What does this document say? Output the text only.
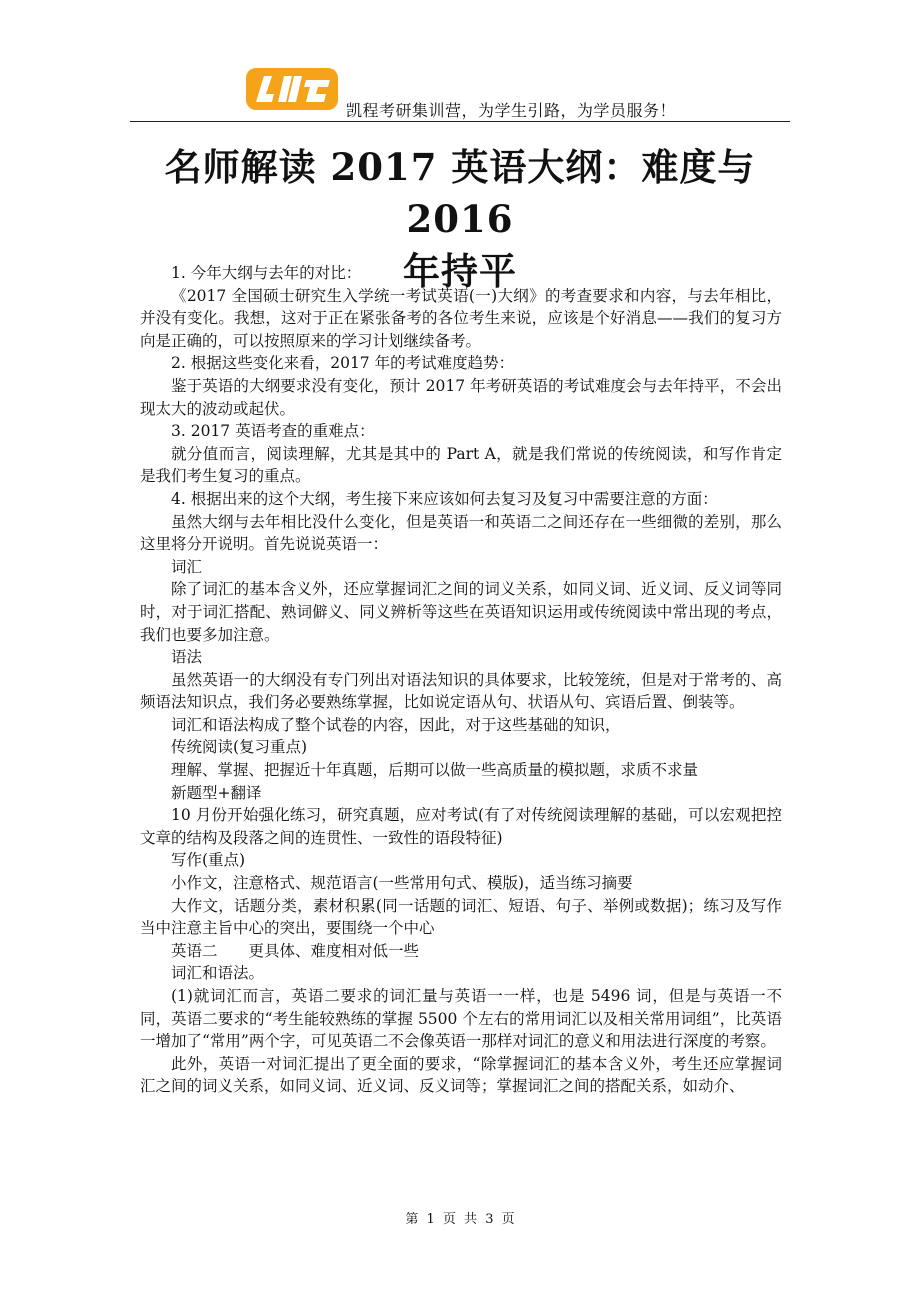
凯程考研集训营，为学生引路，为学员服务！
名师解读 2017 英语大纲：难度与 2016
年持平

1. 今年大纲与去年的对比：

《2017 全国硕士研究生入学统一考试英语(一)大纲》的考查要求和内容，与去年相比，并没有变化。我想，这对于正在紧张备考的各位考生来说，应该是个好消息——我们的复习方向是正确的，可以按照原来的学习计划继续备考。

2. 根据这些变化来看，2017 年的考试难度趋势：

鉴于英语的大纲要求没有变化，预计 2017 年考研英语的考试难度会与去年持平，不会出现太大的波动或起伏。

3. 2017 英语考查的重难点：

就分值而言，阅读理解，尤其是其中的 Part A，就是我们常说的传统阅读，和写作肯定是我们考生复习的重点。

4. 根据出来的这个大纲，考生接下来应该如何去复习及复习中需要注意的方面：

虽然大纲与去年相比没什么变化，但是英语一和英语二之间还存在一些细微的差别，那么这里将分开说明。首先说说英语一：

词汇

除了词汇的基本含义外，还应掌握词汇之间的词义关系，如同义词、近义词、反义词等同时，对于词汇搭配、熟词僻义、同义辨析等这些在英语知识运用或传统阅读中常出现的考点，我们也要多加注意。

语法

虽然英语一的大纲没有专门列出对语法知识的具体要求，比较笼统，但是对于常考的、高频语法知识点，我们务必要熟练掌握，比如说定语从句、状语从句、宾语后置、倒装等。

词汇和语法构成了整个试卷的内容，因此，对于这些基础的知识，

传统阅读(复习重点)

理解、掌握、把握近十年真题，后期可以做一些高质量的模拟题，求质不求量

新题型+翻译

10 月份开始强化练习，研究真题，应对考试(有了对传统阅读理解的基础，可以宏观把控文章的结构及段落之间的连贯性、一致性的语段特征)

写作(重点)

小作文，注意格式、规范语言(一些常用句式、模版)，适当练习摘要

大作文，话题分类，素材积累(同一话题的词汇、短语、句子、举例或数据)；练习及写作当中注意主旨中心的突出，要围绕一个中心

英语二　　更具体、难度相对低一些

词汇和语法。

(1)就词汇而言，英语二要求的词汇量与英语一一样，也是 5496 词，但是与英语一不同，英语二要求的“考生能较熟练的掌握 5500 个左右的常用词汇以及相关常用词组”，比英语一增加了“常用”两个字，可见英语二不会像英语一那样对词汇的意义和用法进行深度的考察。

此外，英语一对词汇提出了更全面的要求，“除掌握词汇的基本含义外，考生还应掌握词汇之间的词义关系，如同义词、近义词、反义词等；掌握词汇之间的搭配关系，如动介、

第 1 页 共 3 页
